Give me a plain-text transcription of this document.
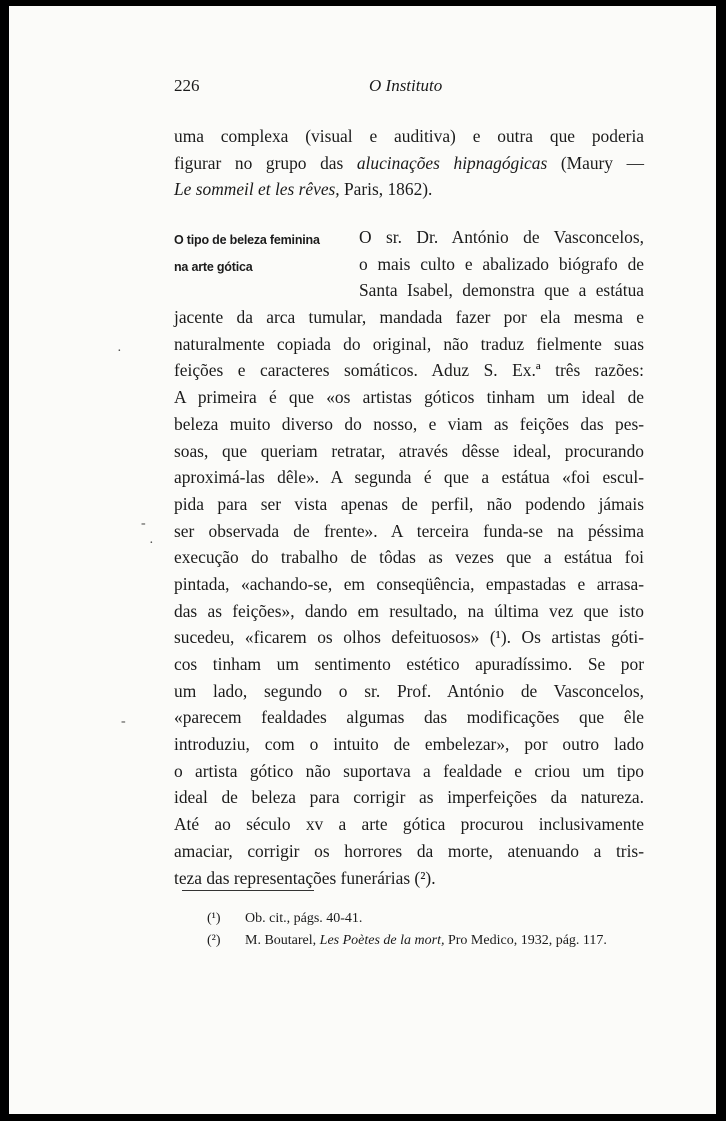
226	O Instituto
uma complexa (visual e auditiva) e outra que poderia
figurar no grupo das alucinações hipnagógicas (Maury —
Le sommeil et les rêves, Paris, 1862).
O tipo de beleza feminina
na arte gótica
O sr. Dr. António de Vasconcelos,
o mais culto e abalizado biógrafo de
Santa Isabel, demonstra que a estátua
jacente da arca tumular, mandada fazer por ela mesma e
naturalmente copiada do original, não traduz fielmente suas
feições e caracteres somáticos. Aduz S. Ex.ª três razões:
A primeira é que «os artistas góticos tinham um ideal de
beleza muito diverso do nosso, e viam as feições das pes-
soas, que queriam retratar, através dêsse ideal, procurando
aproximá-las dêle». A segunda é que a estátua «foi escul-
pida para ser vista apenas de perfil, não podendo jámais
ser observada de frente». A terceira funda-se na péssima
execução do trabalho de tôdas as vezes que a estátua foi
pintada, «achando-se, em conseqüência, empastadas e arrasa-
das as feições», dando em resultado, na última vez que isto
sucedeu, «ficarem os olhos defeituosos» (¹). Os artistas góti-
cos tinham um sentimento estético apuradíssimo. Se por
um lado, segundo o sr. Prof. António de Vasconcelos,
«parecem fealdades algumas das modificações que êle
introduziu, com o intuito de embelezar», por outro lado
o artista gótico não suportava a fealdade e criou um tipo
ideal de beleza para corrigir as imperfeições da natureza.
Até ao século xv a arte gótica procurou inclusivamente
amaciar, corrigir os horrores da morte, atenuando a tris-
teza das representações funerárias (²).
(¹) Ob. cit., págs. 40-41.
(²) M. Boutarel, Les Poètes de la mort, Pro Medico, 1932, pág. 117.
-
·
·
-
